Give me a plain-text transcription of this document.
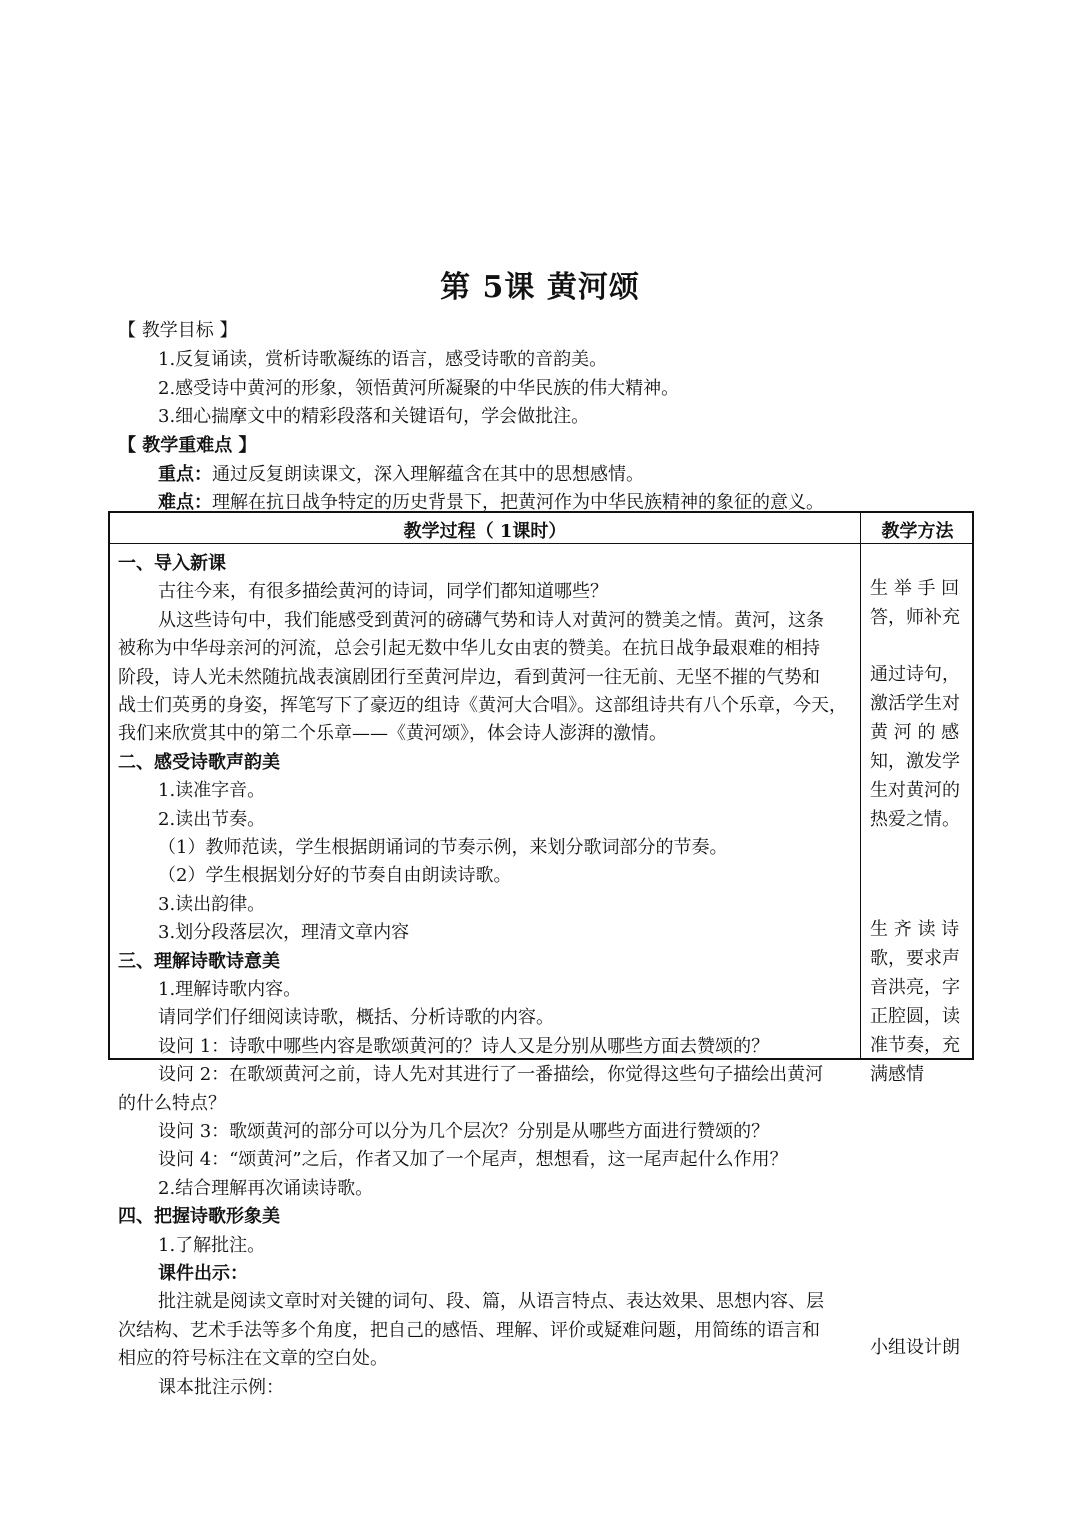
第 5课 黄河颂
【 教学目标 】
1.反复诵读，赏析诗歌凝练的语言，感受诗歌的音韵美。
2.感受诗中黄河的形象，领悟黄河所凝聚的中华民族的伟大精神。
3.细心揣摩文中的精彩段落和关键语句，学会做批注。
【 教学重难点 】
重点：通过反复朗读课文，深入理解蕴含在其中的思想感情。
难点：理解在抗日战争特定的历史背景下，把黄河作为中华民族精神的象征的意义。
教学过程（ 1课时）	教学方法
一、导入新课
古往今来，有很多描绘黄河的诗词，同学们都知道哪些？
从这些诗句中，我们能感受到黄河的磅礴气势和诗人对黄河的赞美之情。黄河，这条
被称为中华母亲河的河流，总会引起无数中华儿女由衷的赞美。在抗日战争最艰难的相持
阶段，诗人光未然随抗战表演剧团行至黄河岸边，看到黄河一往无前、无坚不摧的气势和
战士们英勇的身姿，挥笔写下了豪迈的组诗《黄河大合唱》。这部组诗共有八个乐章，今天，
我们来欣赏其中的第二个乐章——《黄河颂》，体会诗人澎湃的激情。
二、感受诗歌声韵美
1.读准字音。
2.读出节奏。
（1）教师范读，学生根据朗诵词的节奏示例，来划分歌词部分的节奏。
（2）学生根据划分好的节奏自由朗读诗歌。
3.读出韵律。
3.划分段落层次，理清文章内容
三、理解诗歌诗意美
1.理解诗歌内容。
请同学们仔细阅读诗歌，概括、分析诗歌的内容。
设问 1：诗歌中哪些内容是歌颂黄河的？诗人又是分别从哪些方面去赞颂的？
设问 2：在歌颂黄河之前，诗人先对其进行了一番描绘，你觉得这些句子描绘出黄河
的什么特点？
设问 3：歌颂黄河的部分可以分为几个层次？分别是从哪些方面进行赞颂的？
设问 4：“颂黄河”之后，作者又加了一个尾声，想想看，这一尾声起什么作用？
2.结合理解再次诵读诗歌。
四、把握诗歌形象美
1.了解批注。
课件出示：
批注就是阅读文章时对关键的词句、段、篇，从语言特点、表达效果、思想内容、层
次结构、艺术手法等多个角度，把自己的感悟、理解、评价或疑难问题，用简练的语言和
相应的符号标注在文章的空白处。
课本批注示例：
生 举 手 回
答，师补充
通过诗句，
激活学生对
黄 河 的 感
知，激发学
生对黄河的
热爱之情。
生 齐 读 诗
歌，要求声
音洪亮，字
正腔圆，读
准节奏，充
满感情
小组设计朗
